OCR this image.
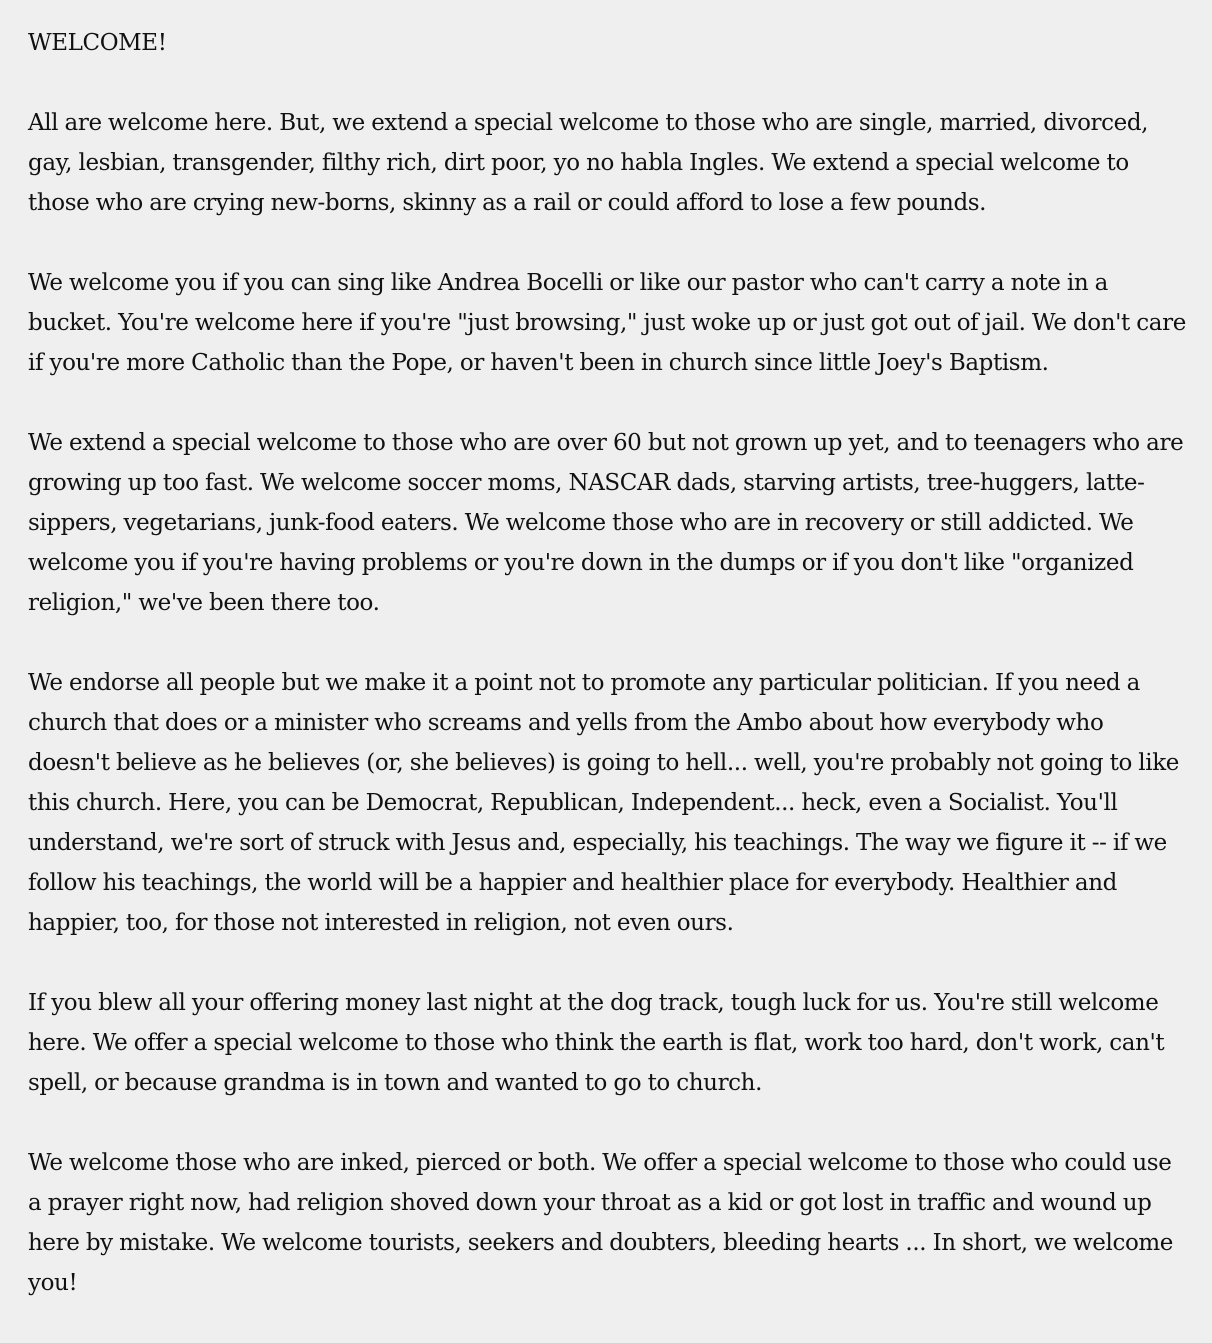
WELCOME!

All are welcome here. But, we extend a special welcome to those who are single, married, divorced, gay, lesbian, transgender, filthy rich, dirt poor, yo no habla Ingles. We extend a special welcome to those who are crying new-borns, skinny as a rail or could afford to lose a few pounds.

We welcome you if you can sing like Andrea Bocelli or like our pastor who can't carry a note in a bucket. You're welcome here if you're "just browsing," just woke up or just got out of jail. We don't care if you're more Catholic than the Pope, or haven't been in church since little Joey's Baptism.

We extend a special welcome to those who are over 60 but not grown up yet, and to teenagers who are growing up too fast. We welcome soccer moms, NASCAR dads, starving artists, tree-huggers, latte-sippers, vegetarians, junk-food eaters. We welcome those who are in recovery or still addicted. We welcome you if you're having problems or you're down in the dumps or if you don't like "organized religion," we've been there too.

We endorse all people but we make it a point not to promote any particular politician. If you need a church that does or a minister who screams and yells from the Ambo about how everybody who doesn't believe as he believes (or, she believes) is going to hell... well, you're probably not going to like this church. Here, you can be Democrat, Republican, Independent... heck, even a Socialist. You'll understand, we're sort of struck with Jesus and, especially, his teachings. The way we figure it -- if we follow his teachings, the world will be a happier and healthier place for everybody. Healthier and happier, too, for those not interested in religion, not even ours.

If you blew all your offering money last night at the dog track, tough luck for us. You're still welcome here. We offer a special welcome to those who think the earth is flat, work too hard, don't work, can't spell, or because grandma is in town and wanted to go to church.

We welcome those who are inked, pierced or both. We offer a special welcome to those who could use a prayer right now, had religion shoved down your throat as a kid or got lost in traffic and wound up here by mistake. We welcome tourists, seekers and doubters, bleeding hearts ... In short, we welcome you!
